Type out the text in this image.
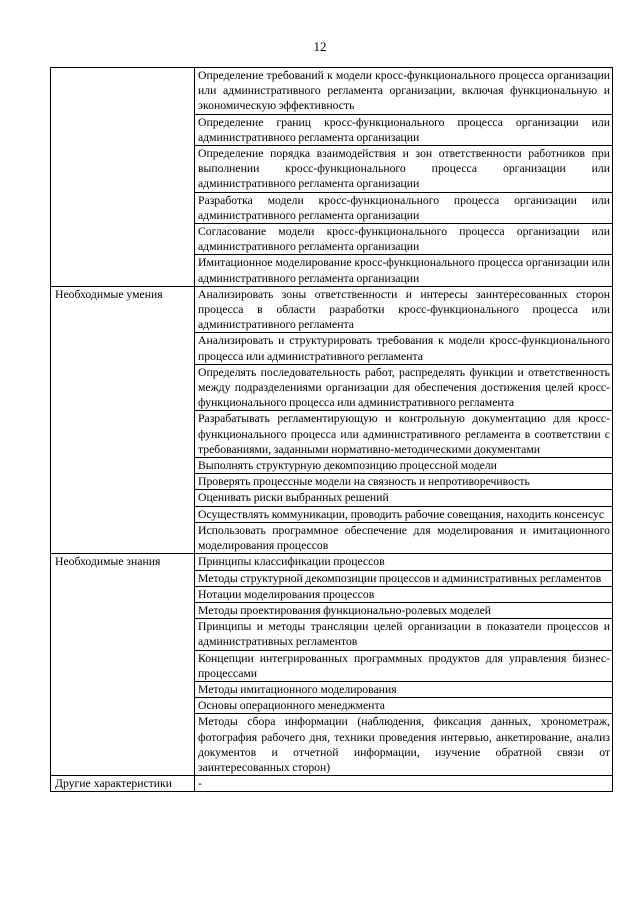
12
	Определение требований к модели кросс-функционального процесса организации или административного регламента организации, включая функциональную и экономическую эффективность
	Определение границ кросс-функционального процесса организации или административного регламента организации
	Определение порядка взаимодействия и зон ответственности работников при выполнении кросс-функционального процесса организации или административного регламента организации
	Разработка модели кросс-функционального процесса организации или административного регламента организации
	Согласование модели кросс-функционального процесса организации или административного регламента организации
	Имитационное моделирование кросс-функционального процесса организации или административного регламента организации
Необходимые умения	Анализировать зоны ответственности и интересы заинтересованных сторон процесса в области разработки кросс-функционального процесса или административного регламента
	Анализировать и структурировать требования к модели кросс-функционального процесса или административного регламента
	Определять последовательность работ, распределять функции и ответственность между подразделениями организации для обеспечения достижения целей кросс-функционального процесса или административного регламента
	Разрабатывать регламентирующую и контрольную документацию для кросс-функционального процесса или административного регламента в соответствии с требованиями, заданными нормативно-методическими документами
	Выполнять структурную декомпозицию процессной модели
	Проверять процессные модели на связность и непротиворечивость
	Оценивать риски выбранных решений
	Осуществлять коммуникации, проводить рабочие совещания, находить консенсус
	Использовать программное обеспечение для моделирования и имитационного моделирования процессов
Необходимые знания	Принципы классификации процессов
	Методы структурной декомпозиции процессов и административных регламентов
	Нотации моделирования процессов
	Методы проектирования функционально-ролевых моделей
	Принципы и методы трансляции целей организации в показатели процессов и административных регламентов
	Концепции интегрированных программных продуктов для управления бизнес-процессами
	Методы имитационного моделирования
	Основы операционного менеджмента
	Методы сбора информации (наблюдения, фиксация данных, хронометраж, фотография рабочего дня, техники проведения интервью, анкетирование, анализ документов и отчетной информации, изучение обратной связи от заинтересованных сторон)
Другие характеристики	-
